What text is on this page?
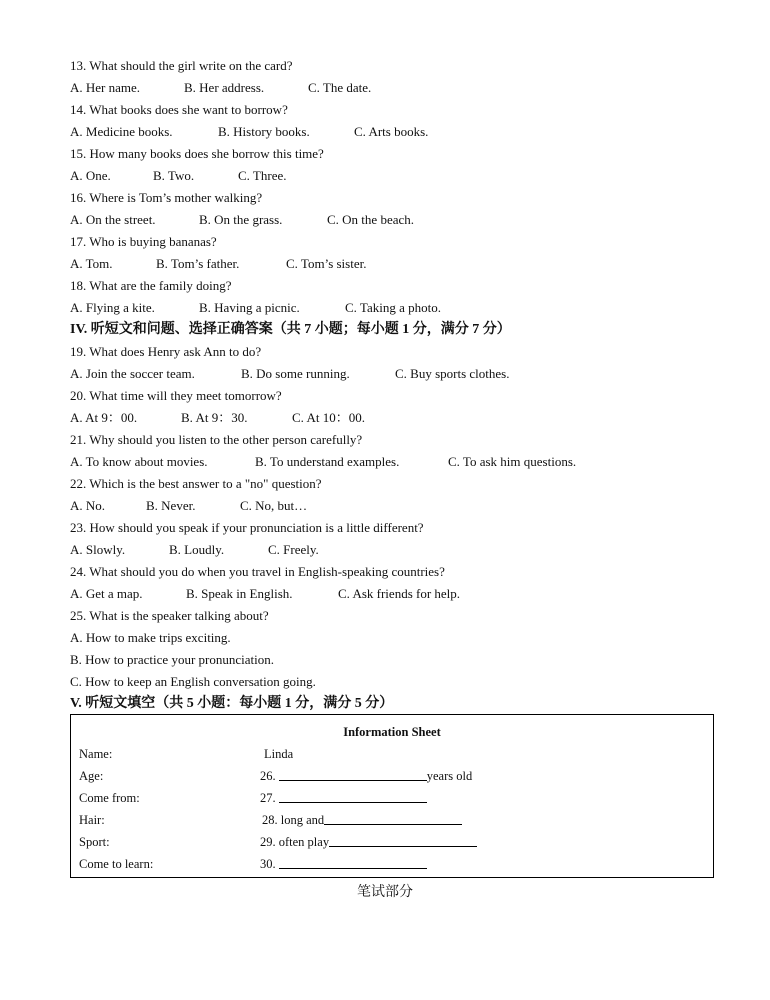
13. What should the girl write on the card?
A. Her name.	B. Her address.	C. The date.
14. What books does she want to borrow?
A. Medicine books.	B. History books.	C. Arts books.
15. How many books does she borrow this time?
A. One.	B. Two.	C. Three.
16. Where is Tom’s mother walking?
A. On the street.	B. On the grass.	C. On the beach.
17. Who is buying bananas?
A. Tom.	B. Tom’s father.	C. Tom’s sister.
18. What are the family doing?
A. Flying a kite.	B. Having a picnic.	C. Taking a photo.
IV. 听短文和问题、选择正确答案（共 7 小题；每小题 1 分，满分 7 分）
19. What does Henry ask Ann to do?
A. Join the soccer team.	B. Do some running.	C. Buy sports clothes.
20. What time will they meet tomorrow?
A. At 9：00.	B. At 9：30.	C. At 10：00.
21. Why should you listen to the other person carefully?
A. To know about movies.	B. To understand examples.	C. To ask him questions.
22. Which is the best answer to a "no" question?
A. No.	B. Never.	C. No, but…
23. How should you speak if your pronunciation is a little different?
A. Slowly.	B. Loudly.	C. Freely.
24. What should you do when you travel in English-speaking countries?
A. Get a map.	B. Speak in English.	C. Ask friends for help.
25. What is the speaker talking about?
A. How to make trips exciting.
B. How to practice your pronunciation.
C. How to keep an English conversation going.
V. 听短文填空（共 5 小题：每小题 1 分，满分 5 分）
Information Sheet
Name:	Linda
Age:	26.	years old
Come from:	27.
Hair:	28. long and
Sport:	29. often play
Come to learn:	30.
笔试部分
